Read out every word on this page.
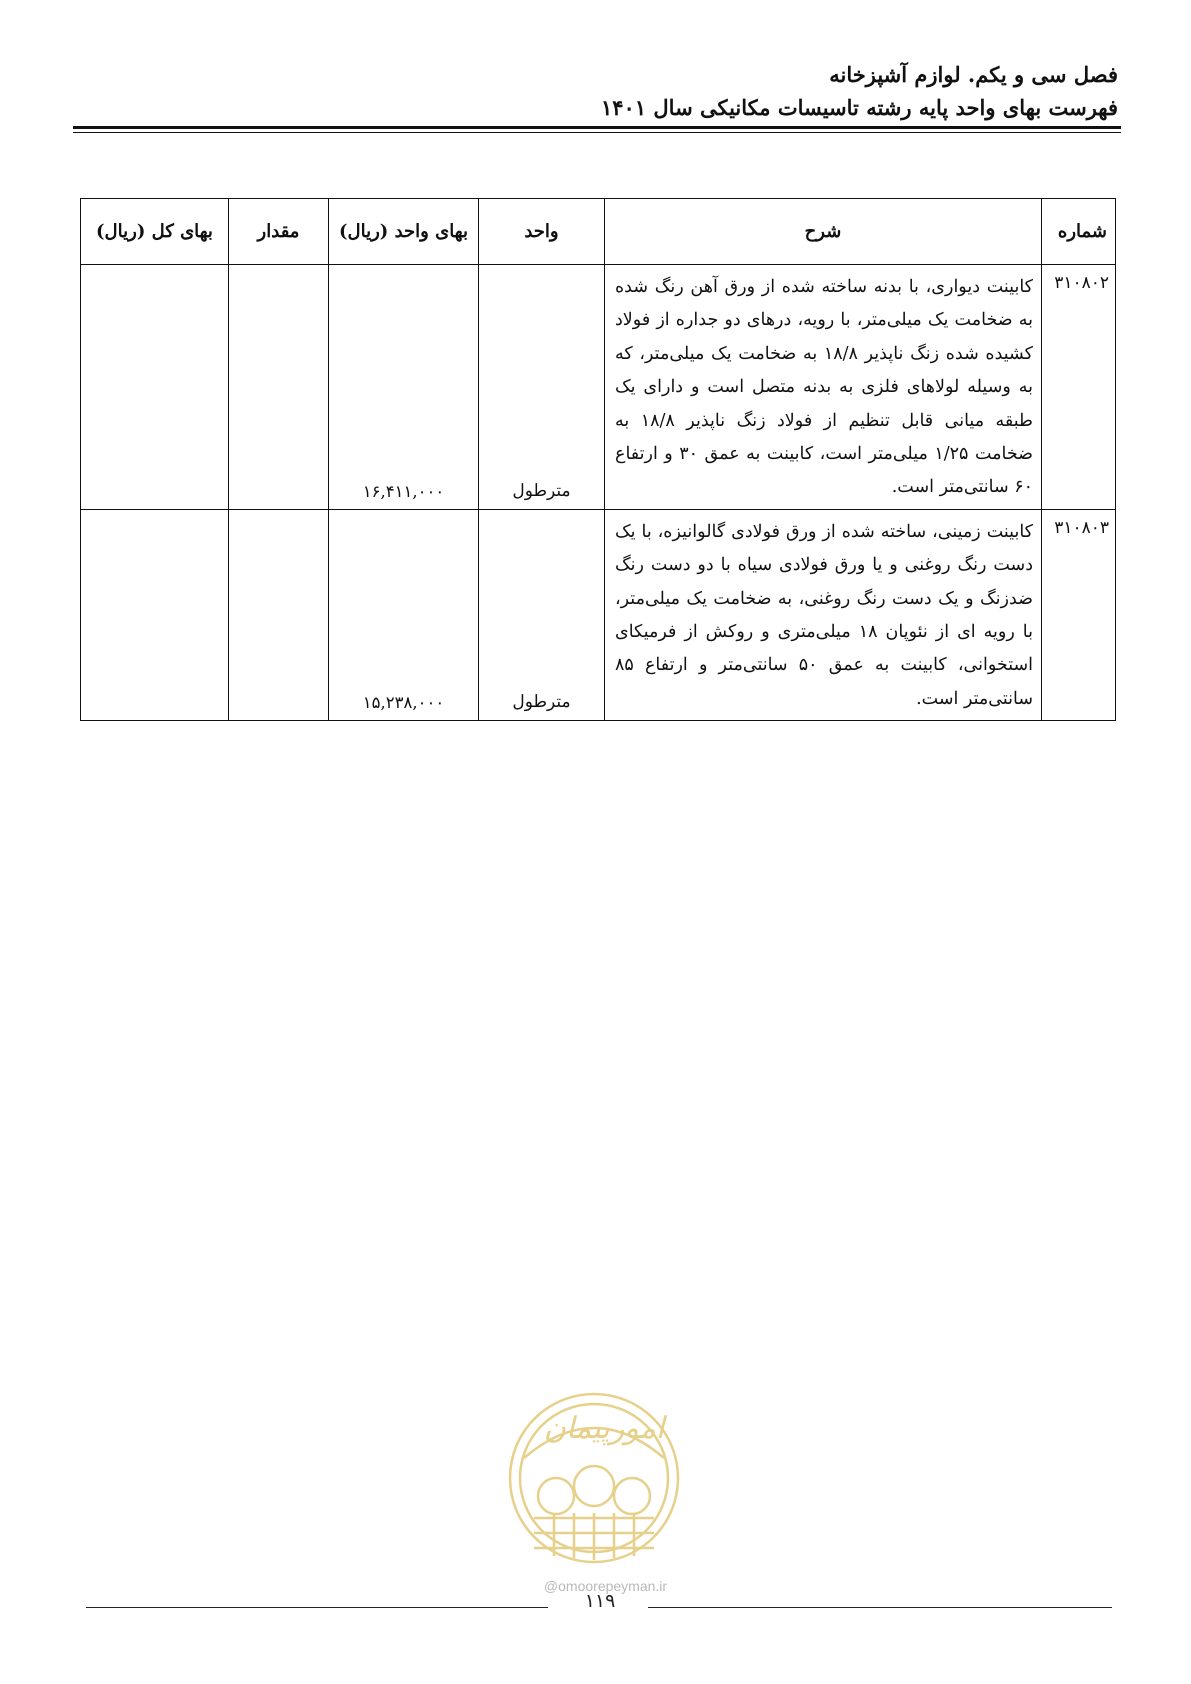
فصل سی و یکم. لوازم آشپزخانه
فهرست بهای واحد پایه رشته تاسیسات مکانیکی سال ۱۴۰۱
شماره	شرح	واحد	بهای واحد (ریال)	مقدار	بهای کل (ریال)
۳۱۰۸۰۲	کابینت دیواری، با بدنه ساخته شده از ورق آهن رنگ شده به ضخامت یک میلی‌متر، با رویه، درهای دو جداره از فولاد کشیده شده زنگ ناپذیر ۱۸/۸ به ضخامت یک میلی‌متر، که به وسیله لولاهای فلزی به بدنه متصل است و دارای یک طبقه میانی قابل تنظیم از فولاد زنگ ناپذیر ۱۸/۸ به ضخامت ۱/۲۵ میلی‌متر است، کابینت به عمق ۳۰ و ارتفاع ۶۰ سانتی‌متر است.	مترطول	۱۶,۴۱۱,۰۰۰		
۳۱۰۸۰۳	کابینت زمینی، ساخته شده از ورق فولادی گالوانیزه، با یک دست رنگ روغنی و یا ورق فولادی سیاه با دو دست رنگ ضدزنگ و یک دست رنگ روغنی، به ضخامت یک میلی‌متر، با رویه ای از نئوپان ۱۸ میلی‌متری و روکش از فرمیکای استخوانی، کابینت به عمق ۵۰ سانتی‌متر و ارتفاع ۸۵ سانتی‌متر است.	مترطول	۱۵,۲۳۸,۰۰۰		
امورپیمان
@omoorepeyman.ir
۱۱۹
